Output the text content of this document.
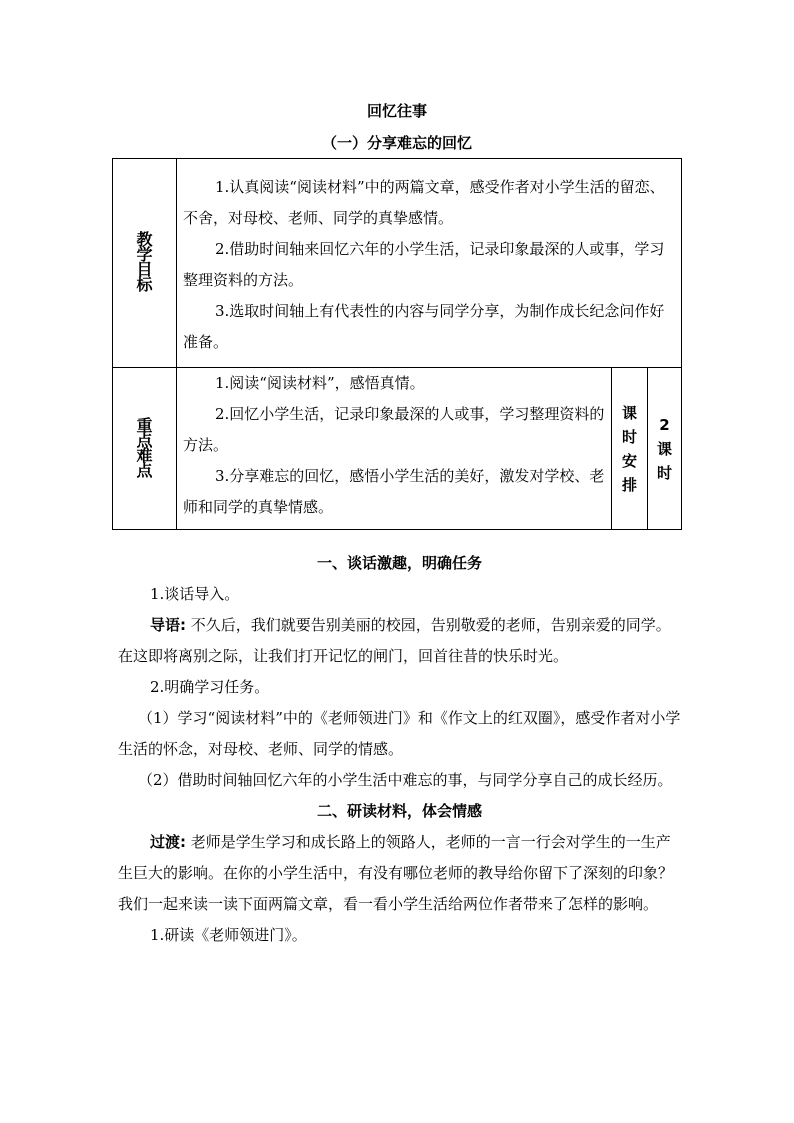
回忆往事
（一）分享难忘的回忆
教学目标	1.认真阅读“阅读材料”中的两篇文章，感受作者对小学生活的留恋、不舍，对母校、老师、同学的真挚感情。

2.借助时间轴来回忆六年的小学生活，记录印象最深的人或事，学习整理资料的方法。

3.选取时间轴上有代表性的内容与同学分享，为制作成长纪念问作好准备。		

重点难点	1.阅读“阅读材料”，感悟真情。

2.回忆小学生活，记录印象最深的人或事，学习整理资料的方法。

3.分享难忘的回忆，感悟小学生活的美好，激发对学校、老师和同学的真挚情感。	课时安排	2课时

一、谈话激趣，明确任务

1.谈话导入。

导语: 不久后，我们就要告别美丽的校园，告别敬爱的老师，告别亲爱的同学。在这即将离别之际，让我们打开记忆的闸门，回首往昔的快乐时光。

2.明确学习任务。

（1）学习“阅读材料”中的《老师领进门》和《作文上的红双圈》，感受作者对小学生活的怀念，对母校、老师、同学的情感。

（2）借助时间轴回忆六年的小学生活中难忘的事，与同学分享自己的成长经历。

二、研读材料，体会情感

过渡: 老师是学生学习和成长路上的领路人，老师的一言一行会对学生的一生产生巨大的影响。在你的小学生活中，有没有哪位老师的教导给你留下了深刻的印象？我们一起来读一读下面两篇文章，看一看小学生活给两位作者带来了怎样的影响。

1.研读《老师领进门》。
